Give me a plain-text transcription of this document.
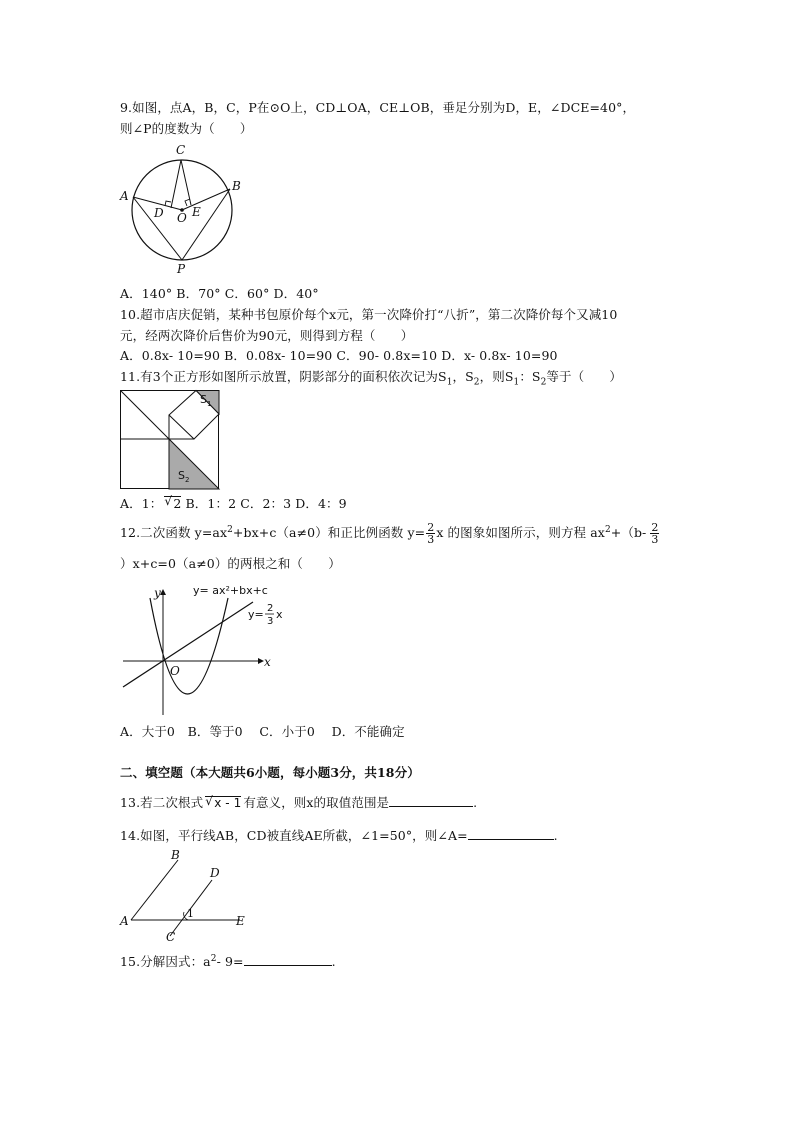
9.如图，点A，B，C，P在⊙O上，CD⊥OA，CE⊥OB，垂足分别为D，E，∠DCE=40°，
则∠P的度数为（　　）
C
A
B
D E
O
P
A．140° B．70° C．60° D．40°
10.超市店庆促销，某种书包原价每个x元，第一次降价打“八折”，第二次降价每个又减10
元，经两次降价后售价为90元，则得到方程（　　）
A．0.8x- 10=90 B．0.08x- 10=90 C．90- 0.8x=10 D．x- 0.8x- 10=90
11.有3个正方形如图所示放置，阴影部分的面积依次记为$S_1$，$S_2$，则$S_1$：$S_2$等于（　　）
$S_1$
$S_2$
A．1： √ 2 B．1：2 C．2：3 D．4：9
12.二次函数 $y=ax^2+bx+c(a\ne 0)$和正比例函数 $y= \frac{2}{3}$ x 的图象如图所示，则方程 $ax^2+(b- \frac{2}{3}$
）x+c=0（a≠0）的两根之和（　　）
x
y
O
y= ax²+bx+c
y= 2 3x
A．大于0　B．等于0　 C．小于0　 D．不能确定
二、填空题（本大题共6小题，每小题3分，共18分）
13.若二次根式 √ x - 1 有意义，则x的取值范围是	.
14.如图，平行线AB，CD被直线AE所截，∠1=50°，则∠A=	.
B
D
A	E
C
1
15.分解因式：$a^2-$ 9=	.
